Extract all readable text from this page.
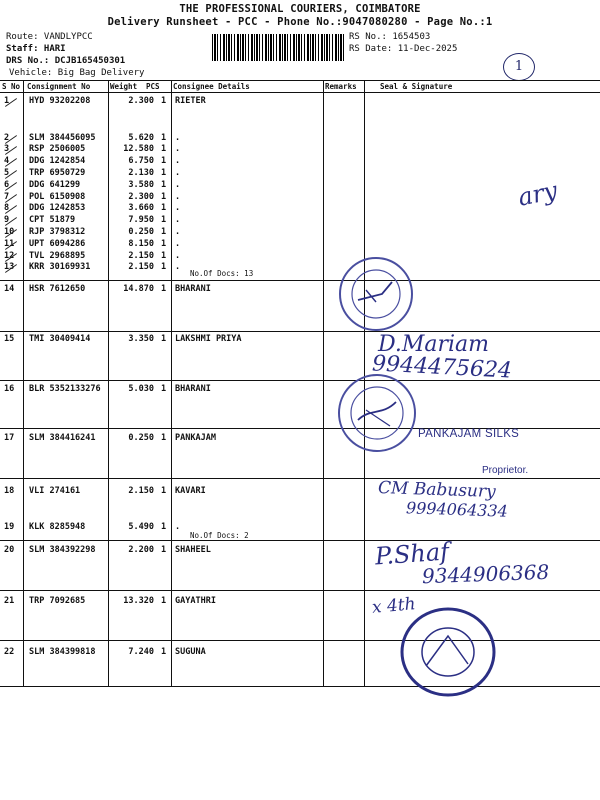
THE PROFESSIONAL COURIERS, COIMBATORE
Delivery Runsheet - PCC - Phone No.:9047080280 - Page No.:1
Route: VANDLYPCC
Staff: HARI
DRS No.: DCJB165450301
Vehicle: Big Bag Delivery
RS No.: 1654503
RS Date: 11-Dec-2025
1
S No Consignment No	Weight PCS Consignee Details	Remarks	Seal & Signature
1 HYD 93202208	2.300 1 RIETER
2 SLM 384456095	5.620 1 .
3 RSP 2506005	12.580 1 .
4 DDG 1242854	6.750 1 .
5 TRP 6950729	2.130 1 .
6 DDG 641299	3.580 1 .
7 POL 6150908	2.300 1 .
8 DDG 1242853	3.660 1 .
9 CPT 51879	7.950 1 .
10 RJP 3798312	0.250 1 .
11 UPT 6094286	8.150 1 .
12 TVL 2968895	2.150 1 .
13 KRR 30169931	2.150 1 .
14 HSR 7612650	14.870 1 BHARANI
15 TMI 30409414	3.350 1 LAKSHMI PRIYA
16 BLR 5352133276	5.030 1 BHARANI
17 SLM 384416241	0.250 1 PANKAJAM
18 VLI 274161	2.150 1 KAVARI
19 KLK 8285948	5.490 1 .
20 SLM 384392298	2.200 1 SHAHEEL
21 TRP 7092685	13.320 1 GAYATHRI
22 SLM 384399818	7.240 1 SUGUNA
No.Of Docs: 13
No.Of Docs: 2
ary
D.Mariam
9944475624
PANKAJAM SILKS
Proprietor.
CM Babusury
9994064334
P.Shaf
9344906368
x 4th
